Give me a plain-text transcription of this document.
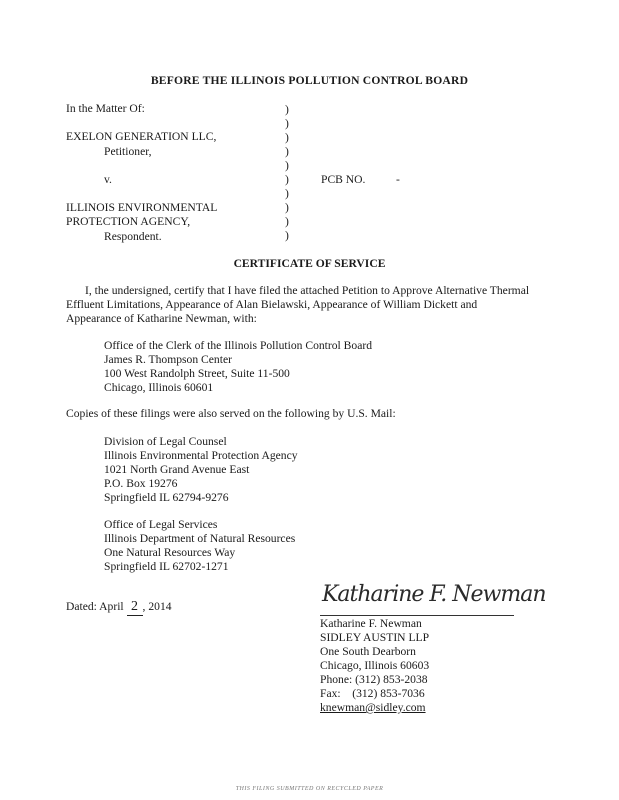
BEFORE THE ILLINOIS POLLUTION CONTROL BOARD
In the Matter Of:
EXELON GENERATION LLC,
Petitioner,
v.	PCB NO.	-
ILLINOIS ENVIRONMENTAL
PROTECTION AGENCY,
Respondent.
)
)
)
)
)
)
)
)
)
)
CERTIFICATE OF SERVICE
I, the undersigned, certify that I have filed the attached Petition to Approve Alternative Thermal
Effluent Limitations, Appearance of Alan Bielawski, Appearance of William Dickett and
Appearance of Katharine Newman, with:
Office of the Clerk of the Illinois Pollution Control Board
James R. Thompson Center
100 West Randolph Street, Suite 11-500
Chicago, Illinois 60601
Copies of these filings were also served on the following by U.S. Mail:
Division of Legal Counsel
Illinois Environmental Protection Agency
1021 North Grand Avenue East
P.O. Box 19276
Springfield IL 62794-9276
Office of Legal Services
Illinois Department of Natural Resources
One Natural Resources Way
Springfield IL 62702-1271
Dated: April 2 , 2014	Katharine F. Newman
Katharine F. Newman
SIDLEY AUSTIN LLP
One South Dearborn
Chicago, Illinois 60603
Phone: (312) 853-2038
Fax:    (312) 853-7036
knewman@sidley.com
THIS FILING SUBMITTED ON RECYCLED PAPER
